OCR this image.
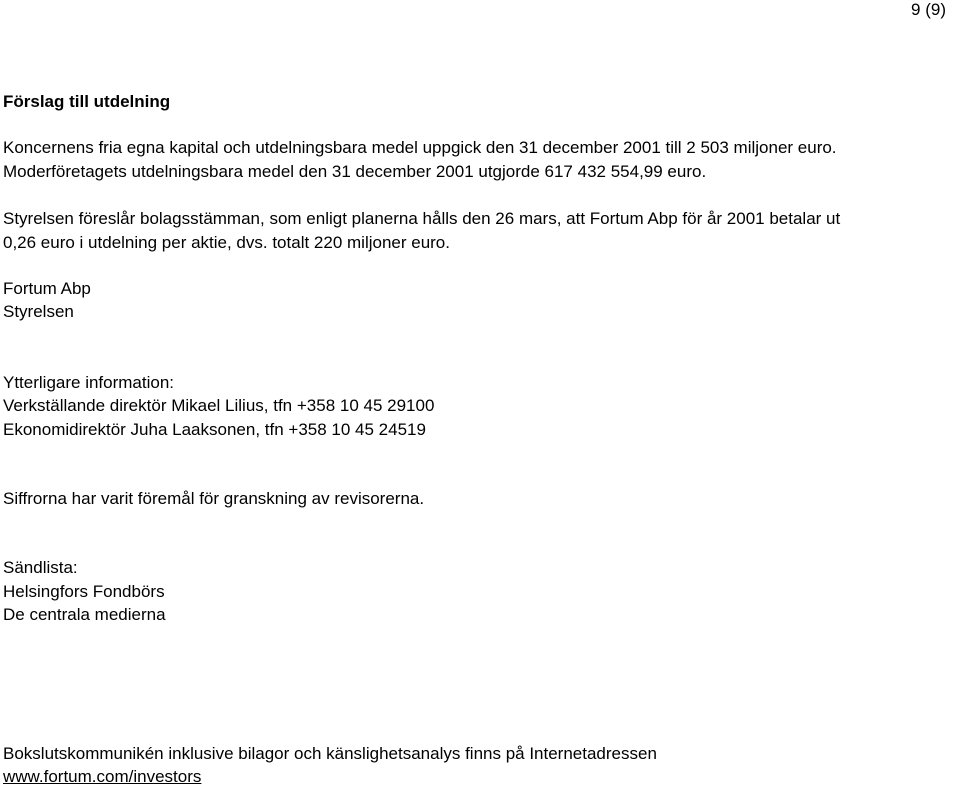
9 (9)
Förslag till utdelning
Koncernens fria egna kapital och utdelningsbara medel uppgick den 31 december 2001 till 2 503 miljoner euro.
Moderföretagets utdelningsbara medel den 31 december 2001 utgjorde 617 432 554,99 euro.
Styrelsen föreslår bolagsstämman, som enligt planerna hålls den 26 mars, att Fortum Abp för år 2001 betalar ut
0,26 euro i utdelning per aktie, dvs. totalt 220 miljoner euro.
Fortum Abp
Styrelsen
Ytterligare information:
Verkställande direktör Mikael Lilius, tfn +358 10 45 29100
Ekonomidirektör Juha Laaksonen, tfn +358 10 45 24519
Siffrorna har varit föremål för granskning av revisorerna.
Sändlista:
Helsingfors Fondbörs
De centrala medierna
Bokslutskommunikén inklusive bilagor och känslighetsanalys finns på Internetadressen
www.fortum.com/investors
